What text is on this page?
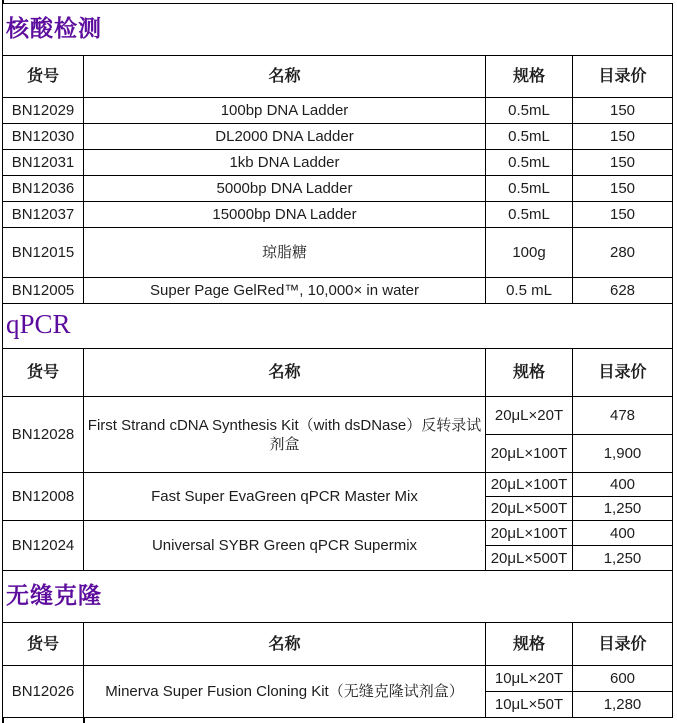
核酸检测			
货号	名称	规格	目录价
BN12029	100bp DNA Ladder	0.5mL	150
BN12030	DL2000 DNA Ladder	0.5mL	150
BN12031	1kb DNA Ladder	0.5mL	150
BN12036	5000bp DNA Ladder	0.5mL	150
BN12037	15000bp DNA Ladder	0.5mL	150
BN12015	琼脂糖	100g	280
BN12005	Super Page GelRed™, 10,000× in water	0.5 mL	628
qPCR			
货号	名称	规格	目录价
BN12028	First Strand cDNA Synthesis Kit（with dsDNase）反转录试剂盒	20μL×20T	478
		20μL×100T	1,900
BN12008	Fast Super EvaGreen qPCR Master Mix	20μL×100T	400
		20μL×500T	1,250
BN12024	Universal SYBR Green qPCR Supermix	20μL×100T	400
		20μL×500T	1,250
无缝克隆			
货号	名称	规格	目录价
BN12026	Minerva Super Fusion Cloning Kit（无缝克隆试剂盒）	10μL×20T	600
		10μL×50T	1,280
